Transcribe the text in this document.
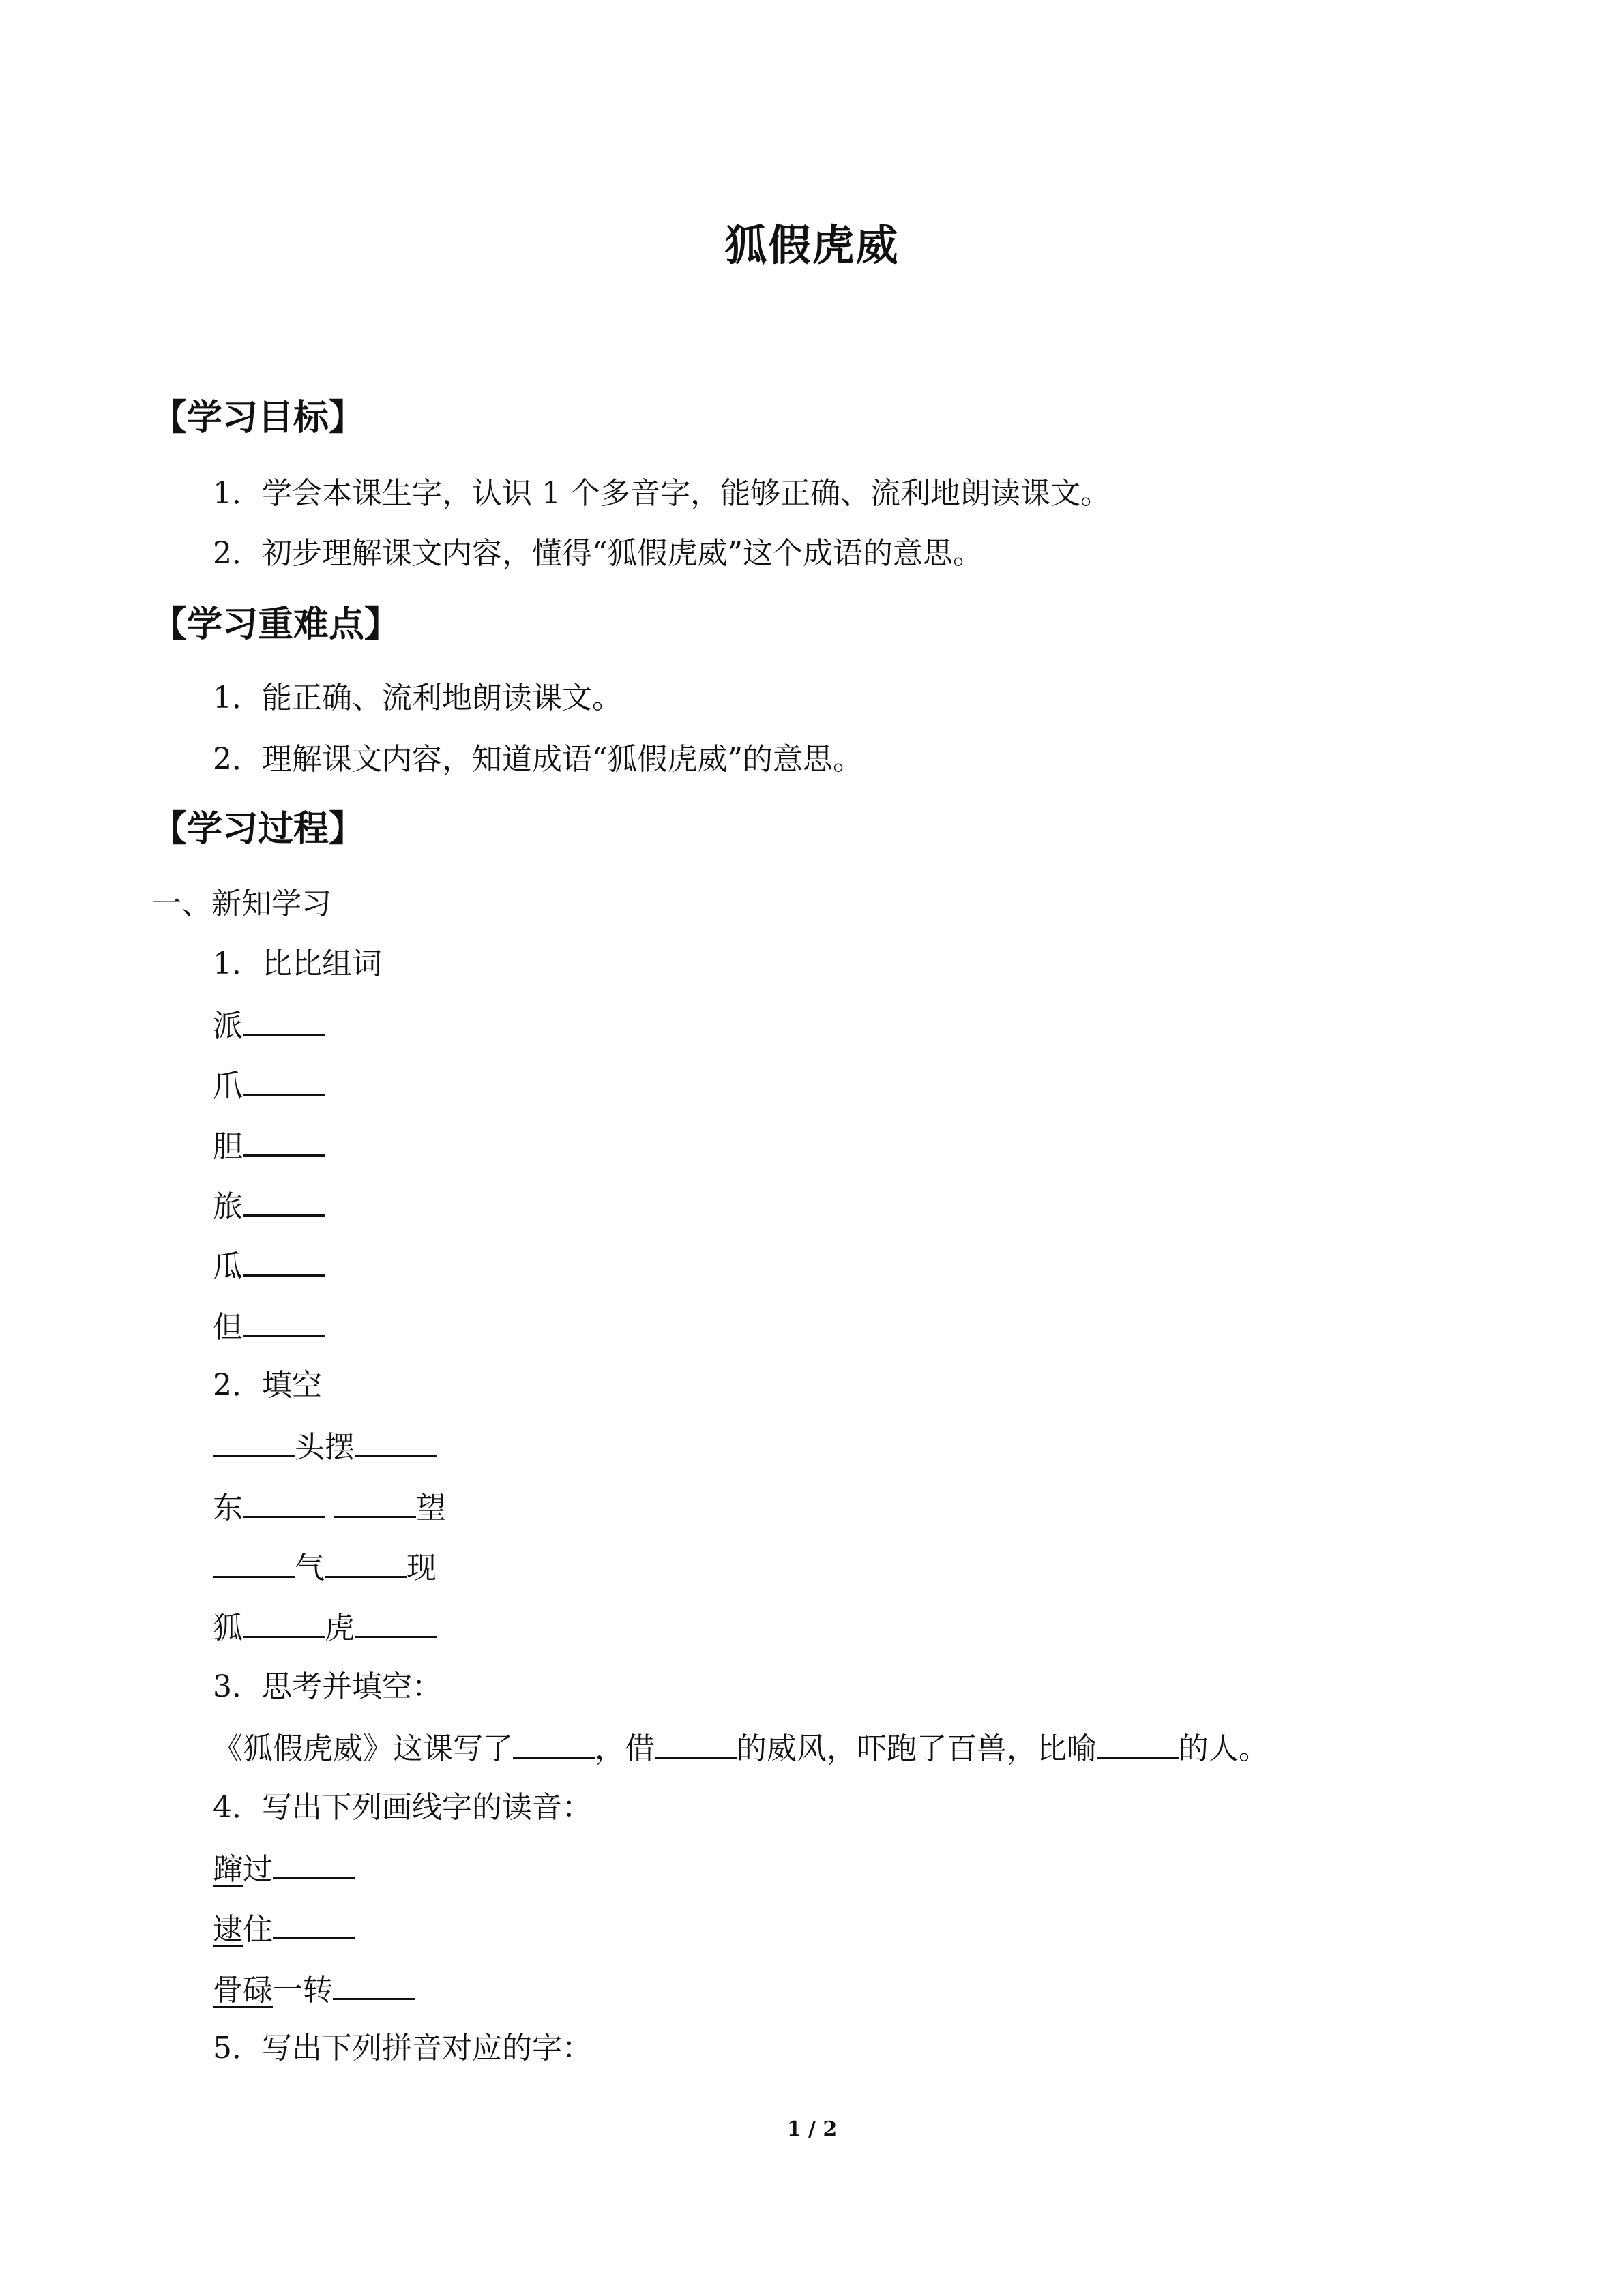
狐假虎威
【学习目标】
1．学会本课生字，认识 1 个多音字，能够正确、流利地朗读课文。
2．初步理解课文内容，懂得“狐假虎威”这个成语的意思。
【学习重难点】
1．能正确、流利地朗读课文。
2．理解课文内容，知道成语“狐假虎威”的意思。
【学习过程】
一、新知学习
1．比比组词
派
爪
胆
旅
瓜
但
2．填空
头摆
东	望
气	现
狐	虎
3．思考并填空：
《狐假虎威》这课写了	，借	的威风，吓跑了百兽，比喻	的人。
4．写出下列画线字的读音：
蹿过
逮住
骨碌一转
5．写出下列拼音对应的字：
1 / 2
